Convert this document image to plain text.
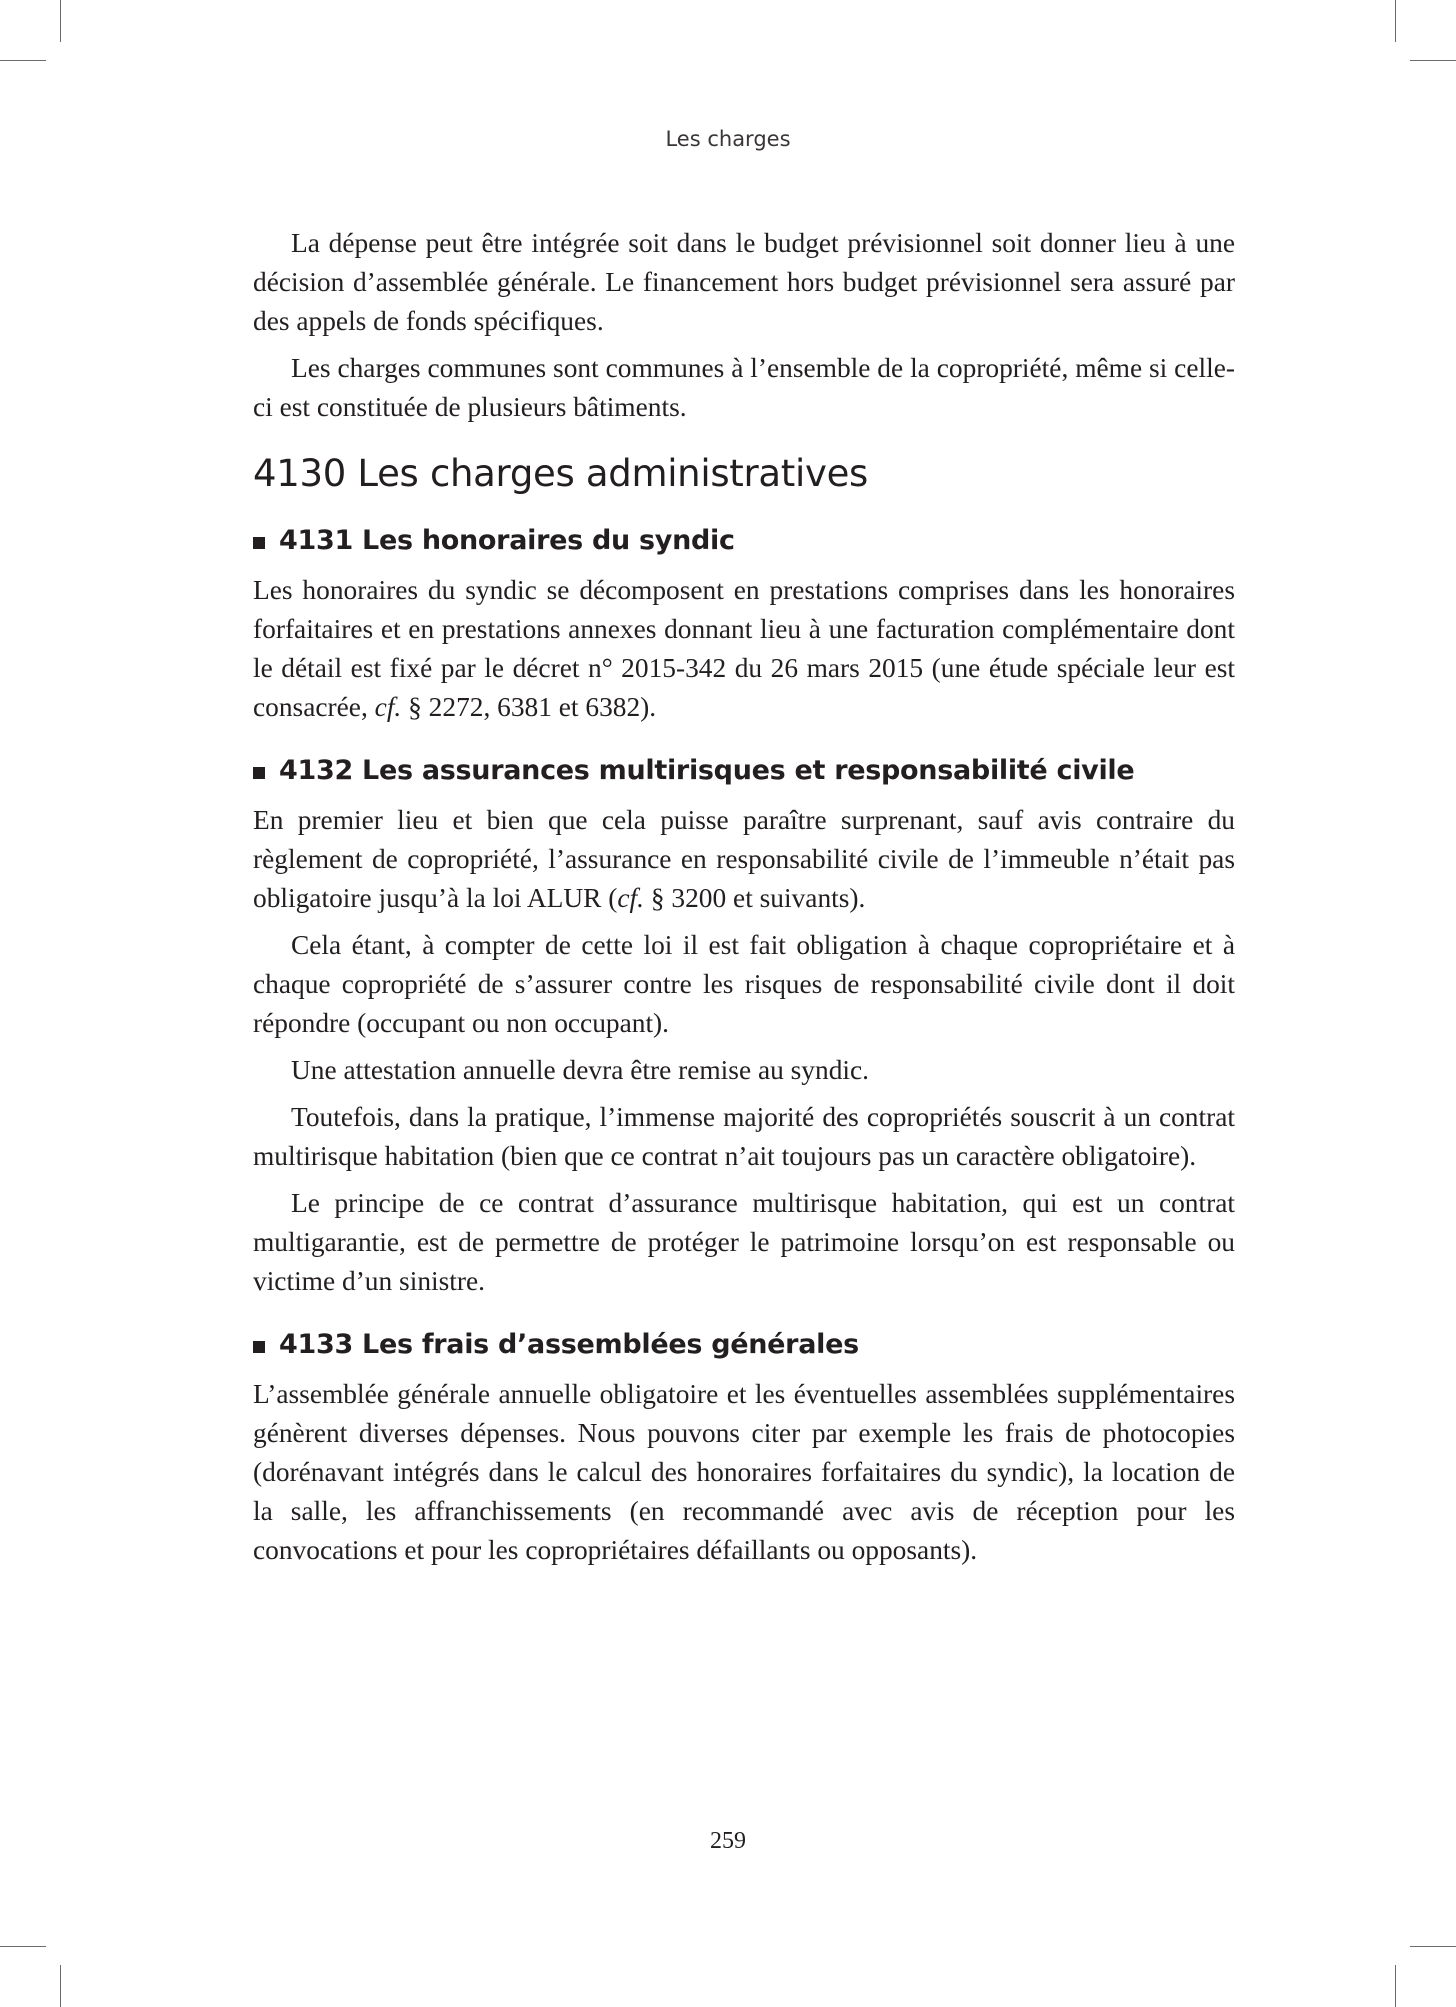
Les charges

La dépense peut être intégrée soit dans le budget prévisionnel soit donner lieu à une décision d’assemblée générale. Le financement hors budget prévisionnel sera assuré par des appels de fonds spécifiques.

Les charges communes sont communes à l’ensemble de la copropriété, même si celle-ci est constituée de plusieurs bâtiments.

4130 Les charges administratives
4131 Les honoraires du syndic

Les honoraires du syndic se décomposent en prestations comprises dans les honoraires forfaitaires et en prestations annexes donnant lieu à une facturation complémentaire dont le détail est fixé par le décret n° 2015-342 du 26 mars 2015 (une étude spéciale leur est consacrée, cf. § 2272, 6381 et 6382).

4132 Les assurances multirisques et responsabilité civile

En premier lieu et bien que cela puisse paraître surprenant, sauf avis contraire du règlement de copropriété, l’assurance en responsabilité civile de l’immeuble n’était pas obligatoire jusqu’à la loi ALUR (cf. § 3200 et suivants).

Cela étant, à compter de cette loi il est fait obligation à chaque copropriétaire et à chaque copropriété de s’assurer contre les risques de responsabilité civile dont il doit répondre (occupant ou non occupant).

Une attestation annuelle devra être remise au syndic.

Toutefois, dans la pratique, l’immense majorité des copropriétés souscrit à un contrat multirisque habitation (bien que ce contrat n’ait toujours pas un caractère obligatoire).

Le principe de ce contrat d’assurance multirisque habitation, qui est un contrat multigarantie, est de permettre de protéger le patrimoine lorsqu’on est responsable ou victime d’un sinistre.

4133 Les frais d’assemblées générales

L’assemblée générale annuelle obligatoire et les éventuelles assemblées supplémentaires génèrent diverses dépenses. Nous pouvons citer par exemple les frais de photocopies (dorénavant intégrés dans le calcul des honoraires forfaitaires du syndic), la location de la salle, les affranchissements (en recommandé avec avis de réception pour les convocations et pour les copropriétaires défaillants ou opposants).

259
